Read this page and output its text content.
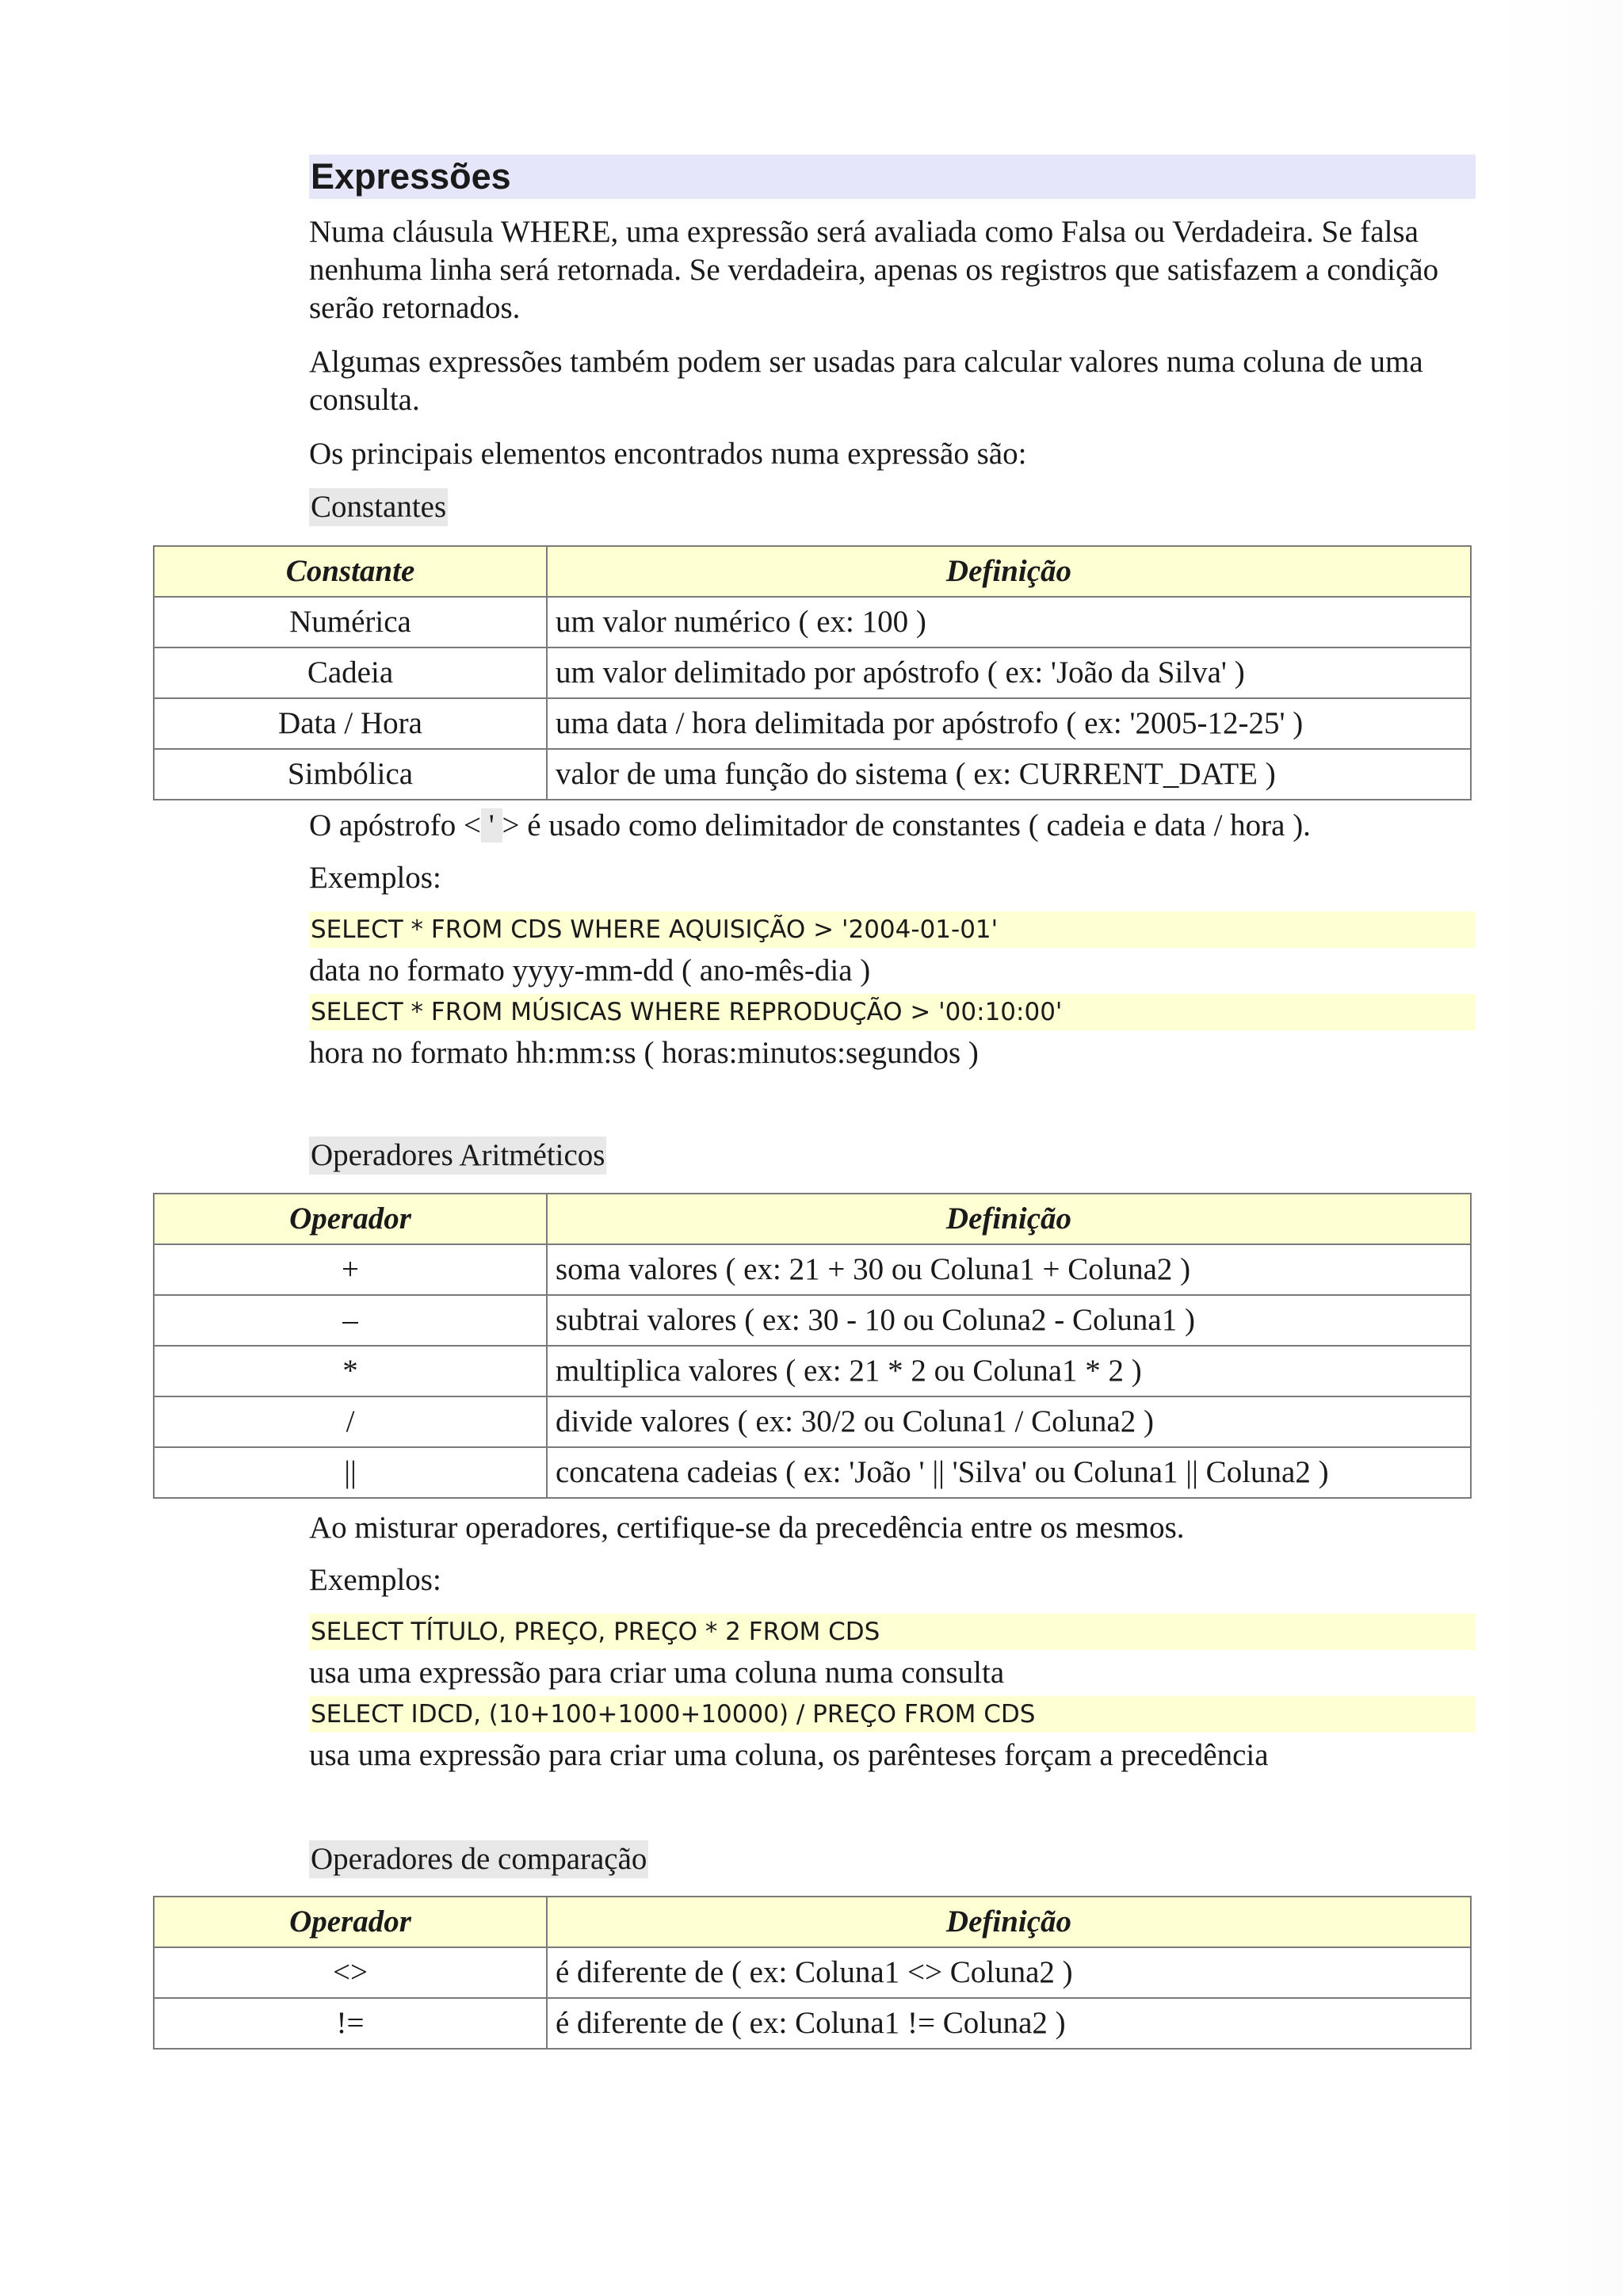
Expressões

Numa cláusula WHERE, uma expressão será avaliada como Falsa ou Verdadeira. Se falsa nenhuma linha será retornada. Se verdadeira, apenas os registros que satisfazem a condição serão retornados.

Algumas expressões também podem ser usadas para calcular valores numa coluna de uma consulta.

Os principais elementos encontrados numa expressão são:

Constantes
Constante	Definição
Numérica	um valor numérico ( ex: 100 )
Cadeia	um valor delimitado por apóstrofo ( ex: 'João da Silva' )
Data / Hora	uma data / hora delimitada por apóstrofo ( ex: '2005-12-25' )
Simbólica	valor de uma função do sistema ( ex: CURRENT_DATE )

O apóstrofo < ' > é usado como delimitador de constantes ( cadeia e data / hora ).

Exemplos:

SELECT * FROM CDS WHERE AQUISIÇÃO > '2004-01-01'

data no formato yyyy-mm-dd ( ano-mês-dia )

SELECT * FROM MÚSICAS WHERE REPRODUÇÃO > '00:10:00'

hora no formato hh:mm:ss ( horas:minutos:segundos )

Operadores Aritméticos
Operador	Definição
+	soma valores ( ex: 21 + 30 ou Coluna1 + Coluna2 )
–	subtrai valores ( ex: 30 - 10 ou Coluna2 - Coluna1 )
*	multiplica valores ( ex: 21 * 2 ou Coluna1 * 2 )
/	divide valores ( ex: 30/2 ou Coluna1 / Coluna2 )
||	concatena cadeias ( ex: 'João ' || 'Silva' ou Coluna1 || Coluna2 )

Ao misturar operadores, certifique-se da precedência entre os mesmos.

Exemplos:

SELECT TÍTULO, PREÇO, PREÇO * 2 FROM CDS

usa uma expressão para criar uma coluna numa consulta

SELECT IDCD, (10+100+1000+10000) / PREÇO FROM CDS

usa uma expressão para criar uma coluna, os parênteses forçam a precedência

Operadores de comparação
Operador	Definição
<>	é diferente de ( ex: Coluna1 <> Coluna2 )
!=	é diferente de ( ex: Coluna1 != Coluna2 )
